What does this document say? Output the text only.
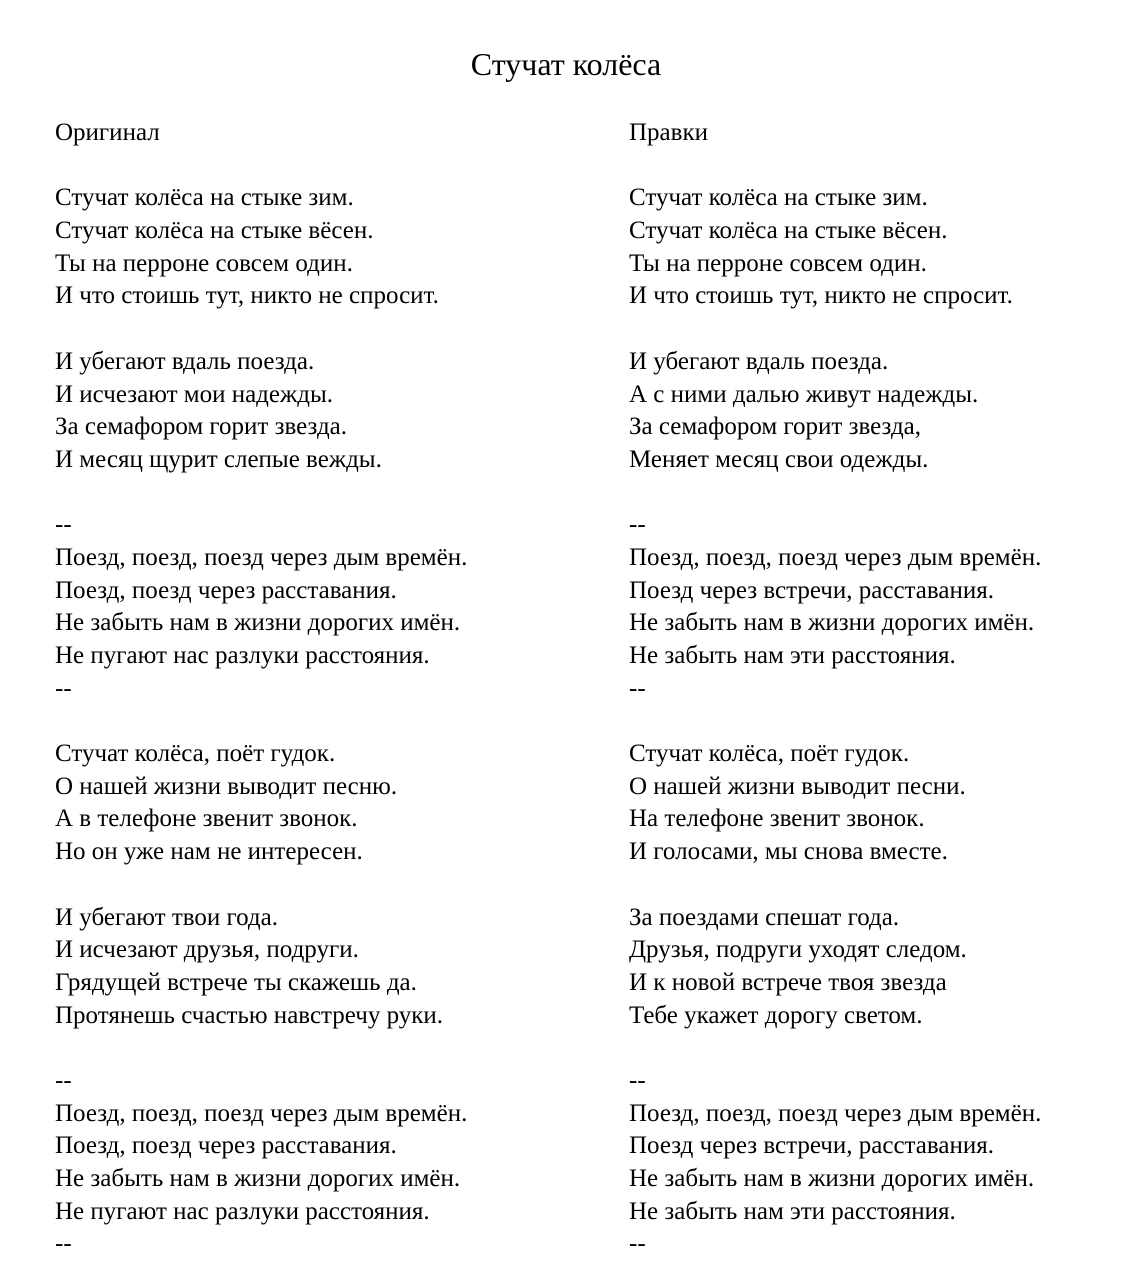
Стучат колёса
Оригинал
Стучат колёса на стыке зим.
Стучат колёса на стыке вёсен.
Ты на перроне совсем один.
И что стоишь тут, никто не спросит.
И убегают вдаль поезда.
И исчезают мои надежды.
За семафором горит звезда.
И месяц щурит слепые вежды.
--
Поезд, поезд, поезд через дым времён.
Поезд, поезд через расставания.
Не забыть нам в жизни дорогих имён.
Не пугают нас разлуки расстояния.
--
Стучат колёса, поёт гудок.
О нашей жизни выводит песню.
А в телефоне звенит звонок.
Но он уже нам не интересен.
И убегают твои года.
И исчезают друзья, подруги.
Грядущей встрече ты скажешь да.
Протянешь счастью навстречу руки.
--
Поезд, поезд, поезд через дым времён.
Поезд, поезд через расставания.
Не забыть нам в жизни дорогих имён.
Не пугают нас разлуки расстояния.
--
Правки
Стучат колёса на стыке зим.
Стучат колёса на стыке вёсен.
Ты на перроне совсем один.
И что стоишь тут, никто не спросит.
И убегают вдаль поезда.
А с ними далью живут надежды.
За семафором горит звезда,
Меняет месяц свои одежды.
--
Поезд, поезд, поезд через дым времён.
Поезд через встречи, расставания.
Не забыть нам в жизни дорогих имён.
Не забыть нам эти расстояния.
--
Стучат колёса, поёт гудок.
О нашей жизни выводит песни.
На телефоне звенит звонок.
И голосами, мы снова вместе.
За поездами спешат года.
Друзья, подруги уходят следом.
И к новой встрече твоя звезда
Тебе укажет дорогу светом.
--
Поезд, поезд, поезд через дым времён.
Поезд через встречи, расставания.
Не забыть нам в жизни дорогих имён.
Не забыть нам эти расстояния.
--
